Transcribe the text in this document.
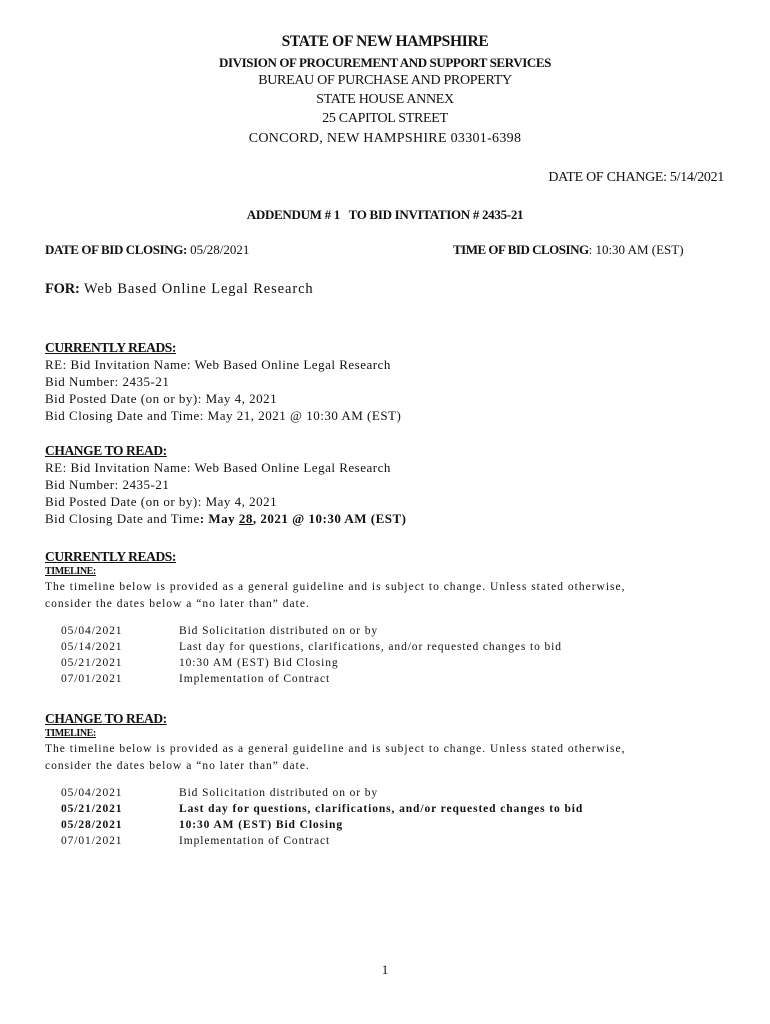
STATE OF NEW HAMPSHIRE
DIVISION OF PROCUREMENT AND SUPPORT SERVICES
BUREAU OF PURCHASE AND PROPERTY
STATE HOUSE ANNEX
25 CAPITOL STREET
CONCORD, NEW HAMPSHIRE 03301-6398
DATE OF CHANGE: 5/14/2021
ADDENDUM # 1   TO BID INVITATION # 2435-21
DATE OF BID CLOSING: 05/28/2021	TIME OF BID CLOSING: 10:30 AM (EST)
FOR: Web Based Online Legal Research
CURRENTLY READS:
RE: Bid Invitation Name: Web Based Online Legal Research
Bid Number: 2435-21
Bid Posted Date (on or by): May 4, 2021
Bid Closing Date and Time: May 21, 2021 @ 10:30 AM (EST)
CHANGE TO READ:
RE: Bid Invitation Name: Web Based Online Legal Research
Bid Number: 2435-21
Bid Posted Date (on or by): May 4, 2021
Bid Closing Date and Time: May 28, 2021 @ 10:30 AM (EST)
CURRENTLY READS:
TIMELINE:
The timeline below is provided as a general guideline and is subject to change. Unless stated otherwise,
consider the dates below a “no later than” date.
05/04/2021	Bid Solicitation distributed on or by
05/14/2021	Last day for questions, clarifications, and/or requested changes to bid
05/21/2021	10:30 AM (EST) Bid Closing
07/01/2021	Implementation of Contract
CHANGE TO READ:
TIMELINE:
The timeline below is provided as a general guideline and is subject to change. Unless stated otherwise,
consider the dates below a “no later than” date.
05/04/2021	Bid Solicitation distributed on or by
05/21/2021	Last day for questions, clarifications, and/or requested changes to bid
05/28/2021	10:30 AM (EST) Bid Closing
07/01/2021	Implementation of Contract
1
